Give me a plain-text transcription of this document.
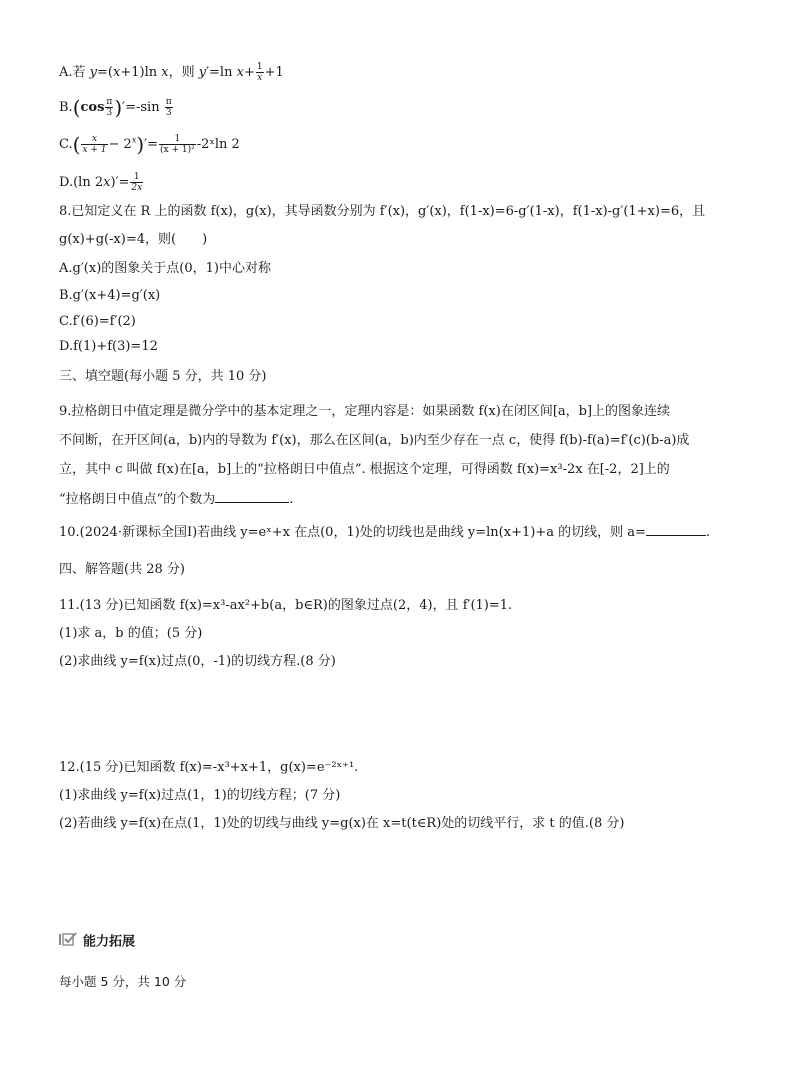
A.若 y=(x+1)ln x，则 y′=ln $x+ \frac{1}{x} +1$
$B.(\cos \frac{\pi}{3} )'=-\sin \frac{\pi}{3}$
$C.( \frac{x}{x + 1} - 2^x)'= \frac{1}{\text{(x + 1)²}}$ -2ˣln 2
D.(ln $2x)'= \frac{1}{2x}$
8.已知定义在 R 上的函数 f(x)，g(x)，其导函数分别为 f′(x)，g′(x)，f(1-x)=6-g′(1-x)，f(1-x)-g′(1+x)=6，且
g(x)+g(-x)=4，则(　　)
A.g′(x)的图象关于点(0，1)中心对称
B.g′(x+4)=g′(x)
C.f′(6)=f′(2)
D.f(1)+f(3)=12
三、填空题(每小题 5 分，共 10 分)
9.拉格朗日中值定理是微分学中的基本定理之一，定理内容是：如果函数 f(x)在闭区间[a，b]上的图象连续
不间断，在开区间(a，b)内的导数为 f′(x)，那么在区间(a，b)内至少存在一点 c，使得 f(b)-f(a)=f′(c)(b-a)成
立，其中 c 叫做 f(x)在[a，b]上的“拉格朗日中值点”. 根据这个定理，可得函数 f(x)=x³-2x 在[-2，2]上的
“拉格朗日中值点”的个数为	.
10.(2024·新课标全国Ⅰ)若曲线 y=eˣ+x 在点(0，1)处的切线也是曲线 y=ln(x+1)+a 的切线，则 a=	.
四、解答题(共 28 分)
11.(13 分)已知函数 f(x)=x³-ax²+b(a，b∈R)的图象过点(2，4)，且 f′(1)=1.
(1)求 a，b 的值；(5 分)
(2)求曲线 y=f(x)过点(0，-1)的切线方程.(8 分)
12.(15 分)已知函数 f(x)=-x³+x+1，g(x)=e⁻²ˣ⁺¹.
(1)求曲线 y=f(x)过点(1，1)的切线方程；(7 分)
(2)若曲线 y=f(x)在点(1，1)处的切线与曲线 y=g(x)在 x=t(t∈R)处的切线平行，求 t 的值.(8 分)
能力拓展
每小题 5 分，共 10 分
